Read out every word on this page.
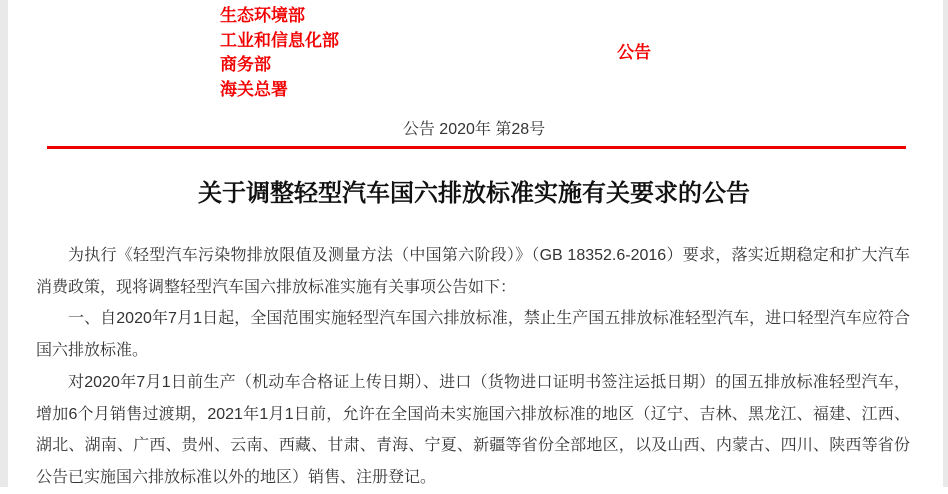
生态环境部
工业和信息化部
商务部
海关总署
公告
公告 2020年 第28号
关于调整轻型汽车国六排放标准实施有关要求的公告

为执行《轻型汽车污染物排放限值及测量方法（中国第六阶段）》（GB 18352.6-2016）要求，落实近期稳定和扩大汽车消费政策，现将调整轻型汽车国六排放标准实施有关事项公告如下：

一、自2020年7月1日起，全国范围实施轻型汽车国六排放标准，禁止生产国五排放标准轻型汽车，进口轻型汽车应符合国六排放标准。

对2020年7月1日前生产（机动车合格证上传日期）、进口（货物进口证明书签注运抵日期）的国五排放标准轻型汽车，增加6个月销售过渡期，2021年1月1日前，允许在全国尚未实施国六排放标准的地区（辽宁、吉林、黑龙江、福建、江西、湖北、湖南、广西、贵州、云南、西藏、甘肃、青海、宁夏、新疆等省份全部地区，以及山西、内蒙古、四川、陕西等省份公告已实施国六排放标准以外的地区）销售、注册登记。
